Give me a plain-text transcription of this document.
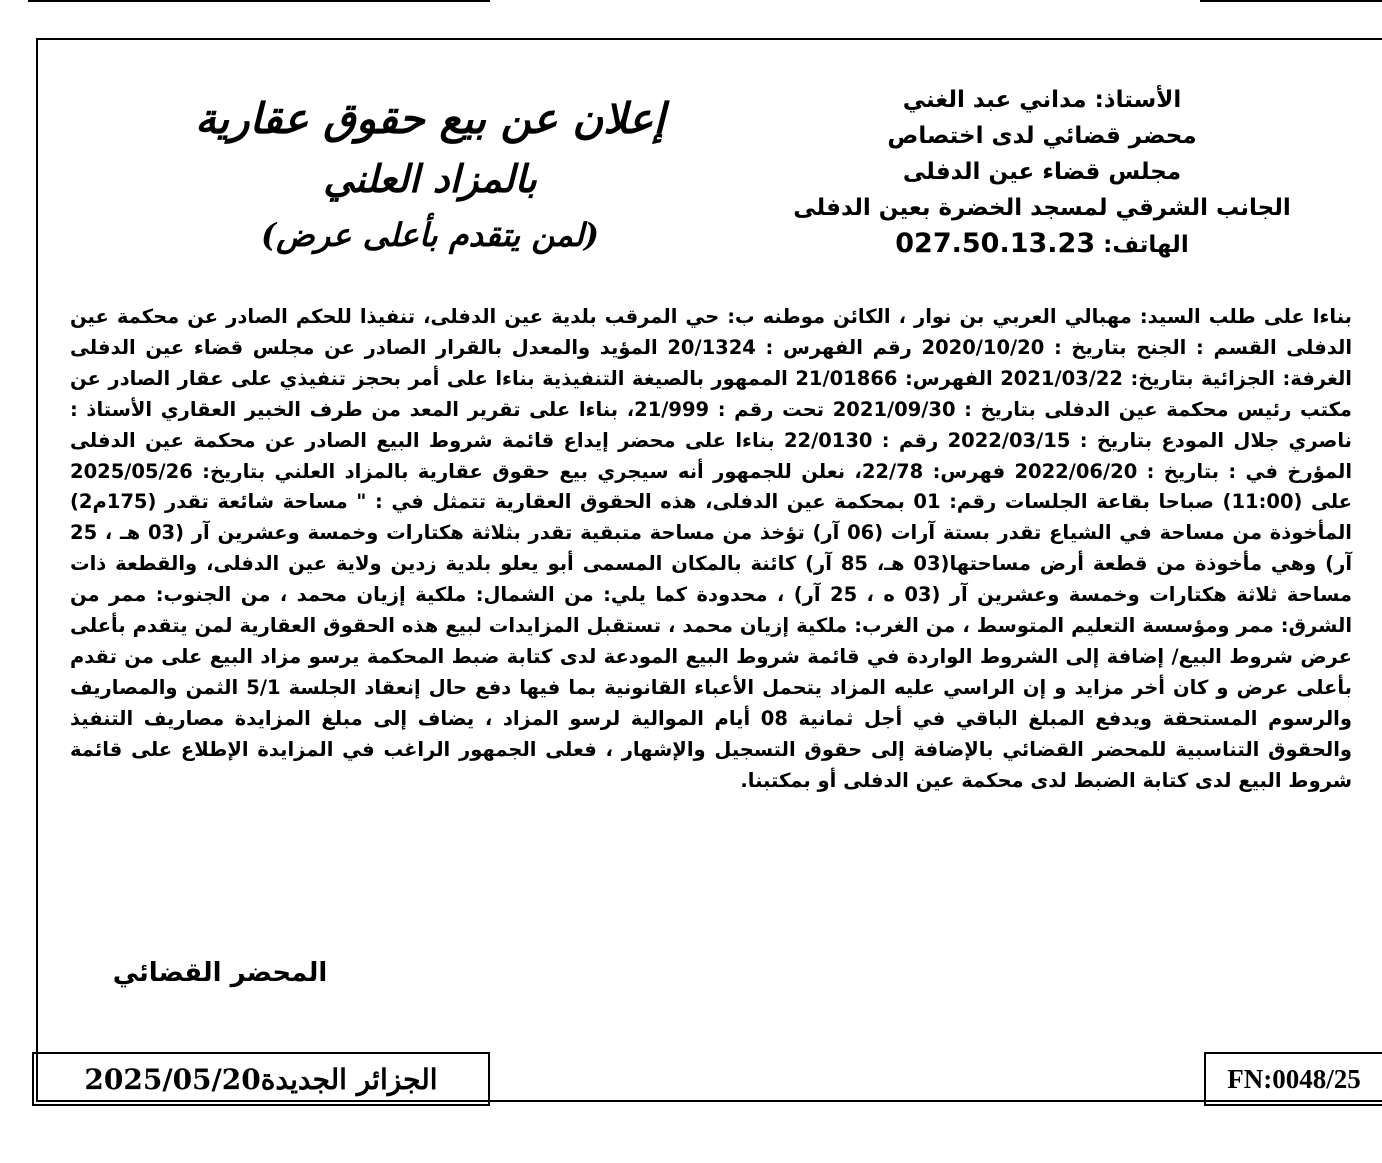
الأستاذ: مداني عبد الغني
محضر قضائي لدى اختصاص
مجلس قضاء عين الدفلى
الجانب الشرقي لمسجد الخضرة بعين الدفلى
الهاتف: 027.50.13.23
إعلان عن بيع حقوق عقارية
بالمزاد العلني
(لمن يتقدم بأعلى عرض)
بناءا على طلب السيد: مهبالي العربي بن نوار ، الكائن موطنه ب: حي المرقب بلدية عين الدفلى، تنفيذا للحكم الصادر عن محكمة عين الدفلى القسم : الجنح بتاريخ : 2020/10/20 رقم الفهرس : 20/1324 المؤيد والمعدل بالقرار الصادر عن مجلس قضاء عين الدفلى الغرفة: الجزائية بتاريخ: 2021/03/22 الفهرس: 21/01866 الممهور بالصيغة التنفيذية بناءا على أمر بحجز تنفيذي على عقار الصادر عن مكتب رئيس محكمة عين الدفلى بتاريخ : 2021/09/30 تحت رقم : 21/999، بناءا على تقرير المعد من طرف الخبير العقاري الأستاذ : ناصري جلال المودع بتاريخ : 2022/03/15 رقم : 22/0130 بناءا على محضر إيداع قائمة شروط البيع الصادر عن محكمة عين الدفلى المؤرخ في : بتاريخ : 2022/06/20 فهرس: 22/78، نعلن للجمهور أنه سيجري بيع حقوق عقارية بالمزاد العلني بتاريخ: 2025/05/26 على (11:00) صباحا بقاعة الجلسات رقم: 01 بمحكمة عين الدفلى، هذه الحقوق العقارية تتمثل في : " مساحة شائعة تقدر (175م2) المأخوذة من مساحة في الشياع تقدر بستة آرات (06 آر) تؤخذ من مساحة متبقية تقدر بثلاثة هكتارات وخمسة وعشرين آر (03 هـ ، 25 آر) وهي مأخوذة من قطعة أرض مساحتها(03 هـ، 85 آر) كائنة بالمكان المسمى أبو يعلو بلدية زدين ولاية عين الدفلى، والقطعة ذات مساحة ثلاثة هكتارات وخمسة وعشرين آر (03 ه ، 25 آر) ، محدودة كما يلي: من الشمال: ملكية إزيان محمد ، من الجنوب: ممر من الشرق: ممر ومؤسسة التعليم المتوسط ، من الغرب: ملكية إزيان محمد ، تستقبل المزايدات لبيع هذه الحقوق العقارية لمن يتقدم بأعلى عرض شروط البيع/ إضافة إلى الشروط الواردة في قائمة شروط البيع المودعة لدى كتابة ضبط المحكمة يرسو مزاد البيع على من تقدم بأعلى عرض و كان أخر مزايد و إن الراسي عليه المزاد يتحمل الأعباء القانونية بما فيها دفع حال إنعقاد الجلسة 5/1 الثمن والمصاريف والرسوم المستحقة ويدفع المبلغ الباقي في أجل ثمانية 08 أيام الموالية لرسو المزاد ، يضاف إلى مبلغ المزايدة مصاريف التنفيذ والحقوق التناسبية للمحضر القضائي بالإضافة إلى حقوق التسجيل والإشهار ، فعلى الجمهور الراغب في المزايدة الإطلاع على قائمة شروط البيع لدى كتابة الضبط لدى محكمة عين الدفلى أو بمكتبنا.
المحضر القضائي
2025/05/20 الجزائر الجديدة	FN:0048/25
